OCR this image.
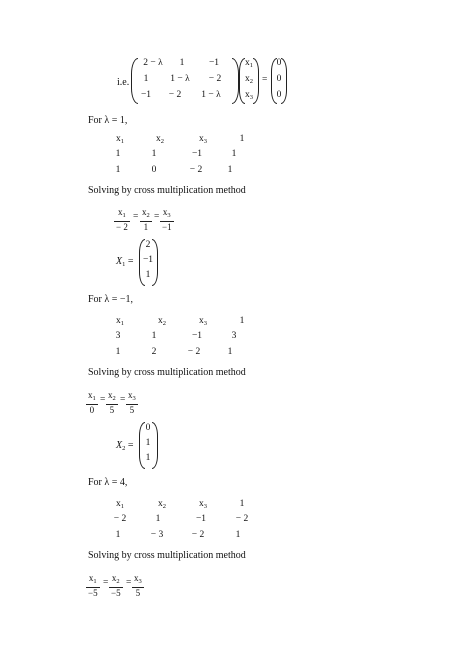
i.e.
2 − λ	1	−1
1	1 − λ	− 2
−1	− 2	1 − λ
$x_1$
$x_2$
$x_3$
=
0
0
0
For λ = 1,
$x_1$	$x_2$	$x_3$	1
1	1	−1	1
1	0	− 2	1
Solving by cross multiplication method
$\frac{x_1}{- 2} = \frac{x_2}{1} = \frac{x_3}{-1}$
$X_1$ =
2
−1
1
For λ = −1,
$x_1$	$x_2$	$x_3$	1
3	1	−1	3
1	2	− 2	1
Solving by cross multiplication method
$\frac{x_1}{0} = \frac{x_2}{5} = \frac{x_3}{5}$
$X_2$ =
0
1
1
For λ = 4,
$x_1$	$x_2$	$x_3$	1
− 2	1	−1	− 2
1	− 3	− 2	1
Solving by cross multiplication method
$\frac{x_1}{-5} = \frac{x_2}{-5} = \frac{x_3}{5}$
